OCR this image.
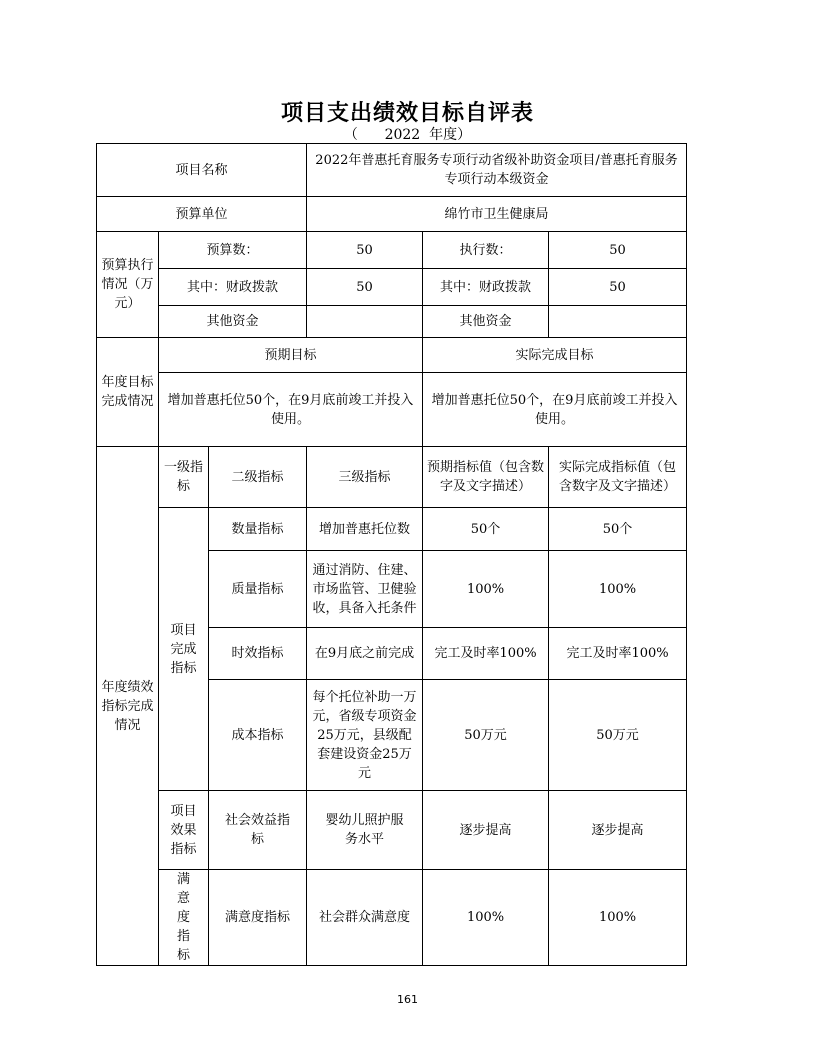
项目支出绩效目标自评表
（      2022  年度）
项目名称			2022年普惠托育服务专项行动省级补助资金项目/普惠托育服务专项行动本级资金		
预算单位			绵竹市卫生健康局		
预算执行情况（万元）	预算数：		50	执行数：	50
	其中：财政拨款		50	其中：财政拨款	50
	其他资金			其他资金	
年度目标完成情况	预期目标			实际完成目标	
	增加普惠托位50个，在9月底前竣工并投入使用。			增加普惠托位50个，在9月底前竣工并投入使用。	
年度绩效指标完成情况	一级指标	二级指标	三级指标	预期指标值（包含数字及文字描述）	实际完成指标值（包含数字及文字描述）
	项目完成指标	数量指标	增加普惠托位数	50个	50个
		质量指标	通过消防、住建、市场监管、卫健验收，具备入托条件	100%	100%
		时效指标	在9月底之前完成	完工及时率100%	完工及时率100%
		成本指标	每个托位补助一万元，省级专项资金25万元，县级配套建设资金25万元	50万元	50万元
	项目效果指标	社会效益指标	婴幼儿照护服务水平	逐步提高	逐步提高
	满意度指标	满意度指标	社会群众满意度	100%	100%
161
